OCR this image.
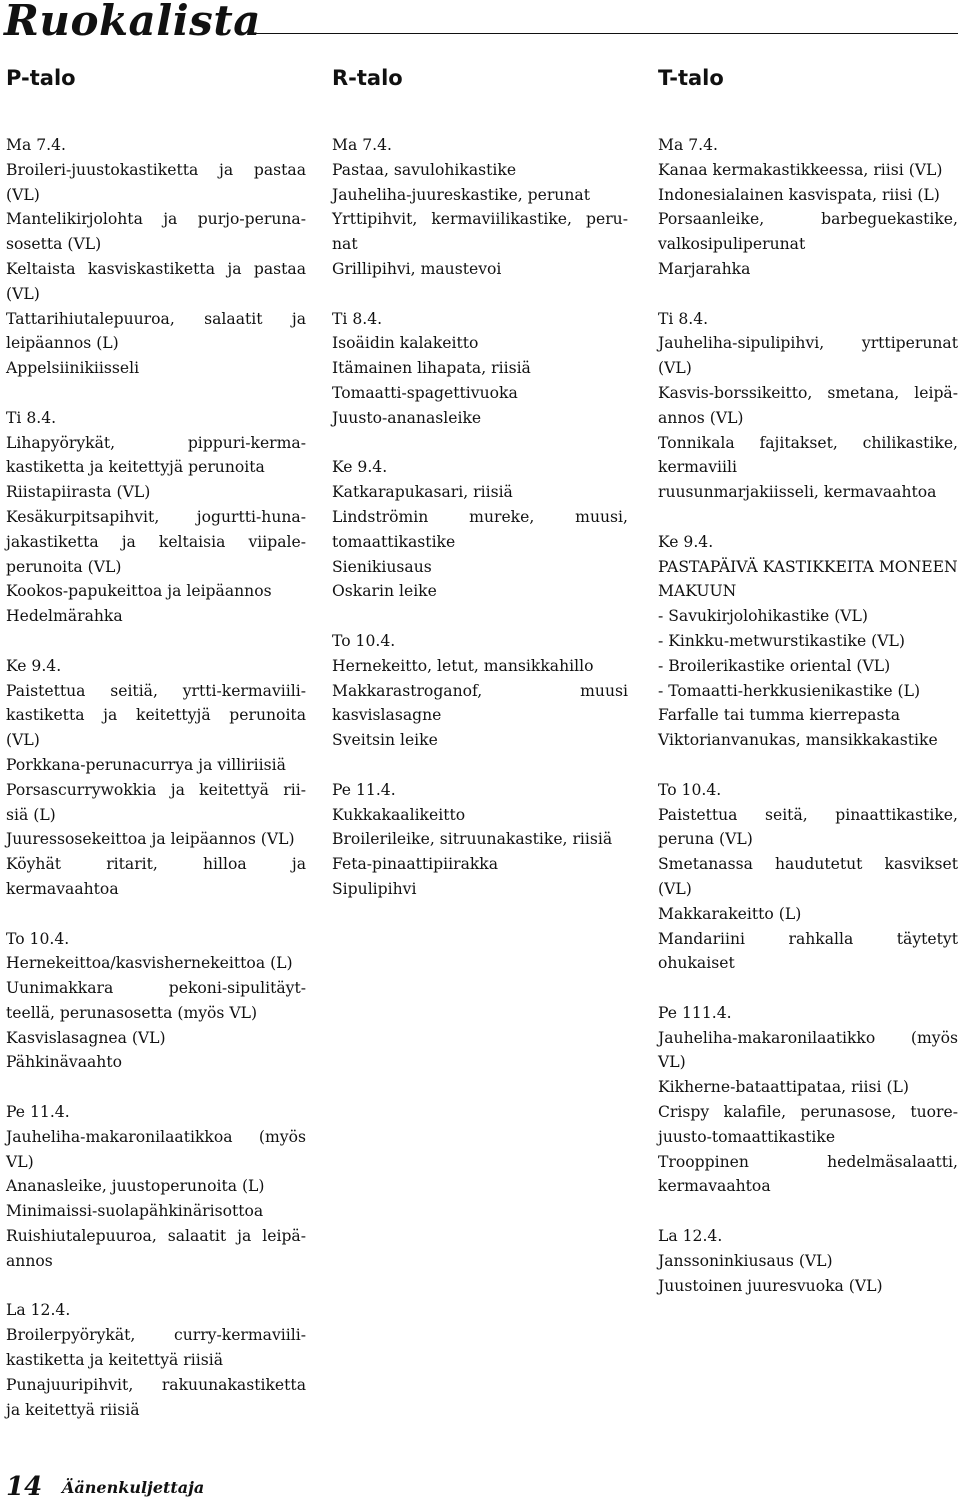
Ruokalista
P-talo	R-talo	T-talo
Ma 7.4.
Broileri-juustokastiketta ja pastaa
(VL)
Mantelikirjolohta ja purjo-peruna-
sosetta (VL)
Keltaista kasviskastiketta ja pastaa
(VL)
Tattarihiutalepuuroa, salaatit ja
leipäannos (L)
Appelsiinikiisseli
Ti 8.4.
Lihapyörykät, pippuri-kerma-
kastiketta ja keitettyjä perunoita
Riistapiirasta (VL)
Kesäkurpitsapihvit, jogurtti-huna-
jakastiketta ja keltaisia viipale-
perunoita (VL)
Kookos-papukeittoa ja leipäannos
Hedelmärahka
Ke 9.4.
Paistettua seitiä, yrtti-kermaviili-
kastiketta ja keitettyjä perunoita
(VL)
Porkkana-perunacurrya ja villiriisiä
Porsascurrywokkia ja keitettyä rii-
siä (L)
Juuressosekeittoa ja leipäannos (VL)
Köyhät ritarit, hilloa ja
kermavaahtoa
To 10.4.
Hernekeittoa/kasvishernekeittoa (L)
Uunimakkara pekoni-sipulitäyt-
teellä, perunasosetta (myös VL)
Kasvislasagnea (VL)
Pähkinävaahto
Pe 11.4.
Jauheliha-makaronilaatikkoa (myös
VL)
Ananasleike, juustoperunoita (L)
Minimaissi-suolapähkinärisottoa
Ruishiutalepuuroa, salaatit ja leipä-
annos
La 12.4.
Broilerpyörykät, curry-kermaviili-
kastiketta ja keitettyä riisiä
Punajuuripihvit, rakuunakastiketta
ja keitettyä riisiä
Ma 7.4.
Pastaa, savulohikastike
Jauheliha-juureskastike, perunat
Yrttipihvit, kermaviilikastike, peru-
nat
Grillipihvi, maustevoi
Ti 8.4.
Isoäidin kalakeitto
Itämainen lihapata, riisiä
Tomaatti-spagettivuoka
Juusto-ananasleike
Ke 9.4.
Katkarapukasari, riisiä
Lindströmin mureke, muusi,
tomaattikastike
Sienikiusaus
Oskarin leike
To 10.4.
Hernekeitto, letut, mansikkahillo
Makkarastroganof, muusi
kasvislasagne
Sveitsin leike
Pe 11.4.
Kukkakaalikeitto
Broilerileike, sitruunakastike, riisiä
Feta-pinaattipiirakka
Sipulipihvi
Ma 7.4.
Kanaa kermakastikkeessa, riisi (VL)
Indonesialainen kasvispata, riisi (L)
Porsaanleike, barbeguekastike,
valkosipuliperunat
Marjarahka
Ti 8.4.
Jauheliha-sipulipihvi, yrttiperunat
(VL)
Kasvis-borssikeitto, smetana, leipä-
annos (VL)
Tonnikala fajitakset, chilikastike,
kermaviili
ruusunmarjakiisseli, kermavaahtoa
Ke 9.4.
PASTAPÄIVÄ KASTIKKEITA MONEEN
MAKUUN
- Savukirjolohikastike (VL)
- Kinkku-metwurstikastike (VL)
- Broilerikastike oriental (VL)
- Tomaatti-herkkusienikastike (L)
Farfalle tai tumma kierrepasta
Viktorianvanukas, mansikkakastike
To 10.4.
Paistettua seitä, pinaattikastike,
peruna (VL)
Smetanassa haudutetut kasvikset
(VL)
Makkarakeitto (L)
Mandariini rahkalla täytetyt
ohukaiset
Pe 111.4.
Jauheliha-makaronilaatikko (myös
VL)
Kikherne-bataattipataa, riisi (L)
Crispy kalafile, perunasose, tuore-
juusto-tomaattikastike
Trooppinen hedelmäsalaatti,
kermavaahtoa
La 12.4.
Janssoninkiusaus (VL)
Juustoinen juuresvuoka (VL)
14 Äänenkuljettaja
